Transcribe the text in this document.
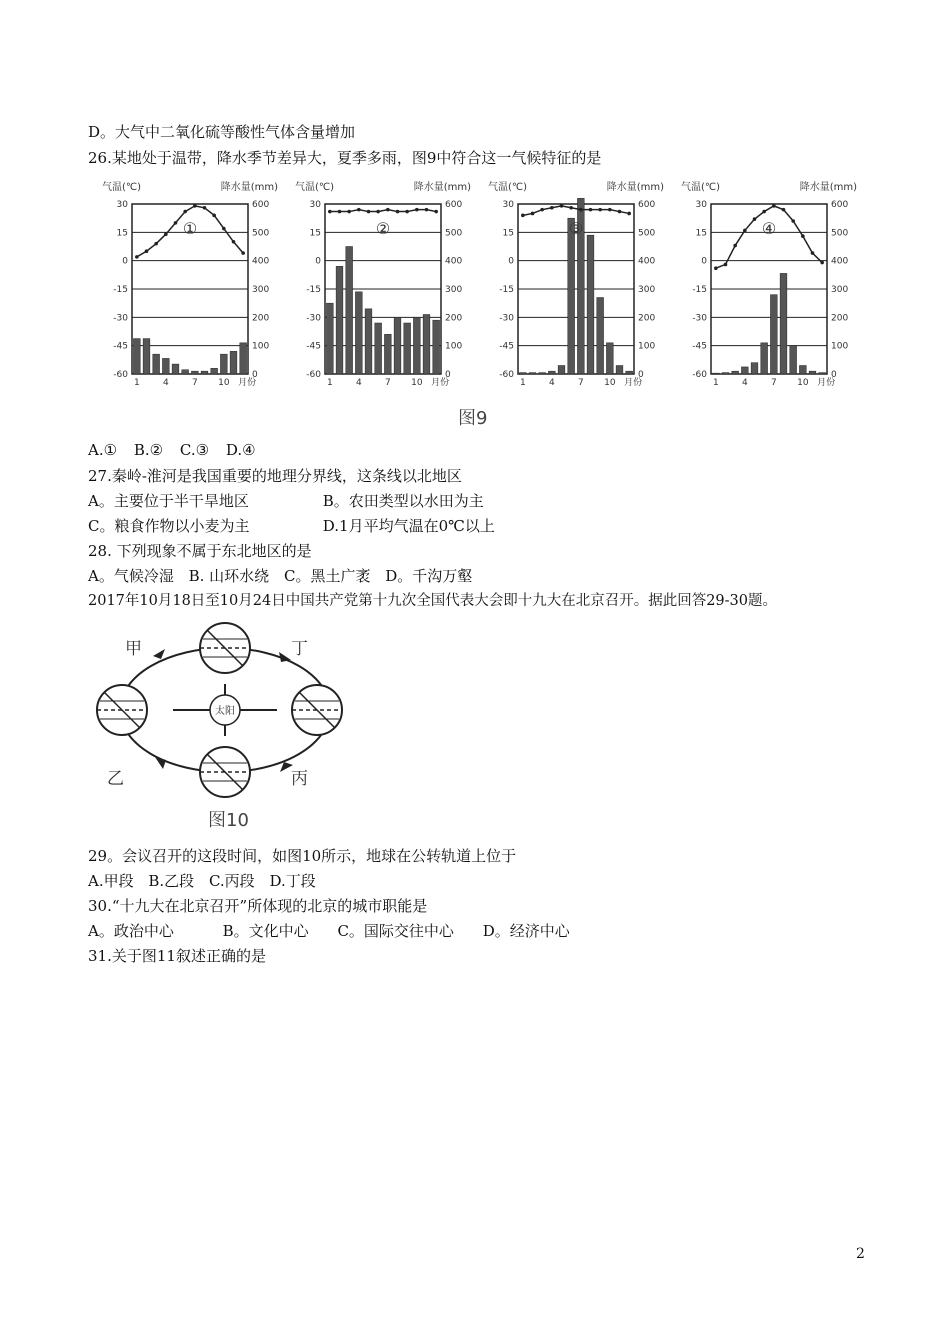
D。大气中二氧化硫等酸性气体含量增加
26.某地处于温带，降水季节差异大，夏季多雨，图9中符合这一气候特征的是
气温(℃)	降水量(mm)
30
15
0
-15
-30
-45
-60
600
500
400
300
200
100
0
①
1	4	7 10 月份
气温(℃)	降水量(mm)
30
15
0
-15
-30
-45
-60
600
500
400
300
200
100
0
②
1	4	7 10 月份
气温(℃)	降水量(mm)
30
15
0
-15
-30
-45
-60
600
500
400
300
200
100
0
③
1	4	7 10 月份
气温(℃)	降水量(mm)
30
15
0
-15
-30
-45
-60
600
500
400
300
200
100
0
④
1	4	7 10 月份
图9
A.① B.② C.③ D.④
27.秦岭-淮河是我国重要的地理分界线，这条线以北地区
A。主要位于半干旱地区	B。农田类型以水田为主
C。粮食作物以小麦为主	D.1月平均气温在0℃以上
28. 下列现象不属于东北地区的是
A。气候冷湿 B. 山环水绕 C。黑土广袤 D。千沟万壑
2017年10月18日至10月24日中国共产党第十九次全国代表大会即十九大在北京召开。据此回答29-30题。
太阳
甲	丁
乙	丙
图10
29。会议召开的这段时间，如图10所示，地球在公转轨道上位于
A.甲段 B.乙段 C.丙段 D.丁段
30.“十九大在北京召开”所体现的北京的城市职能是
A。政治中心	B。文化中心 C。国际交往中心 D。经济中心
31.关于图11叙述正确的是
2
